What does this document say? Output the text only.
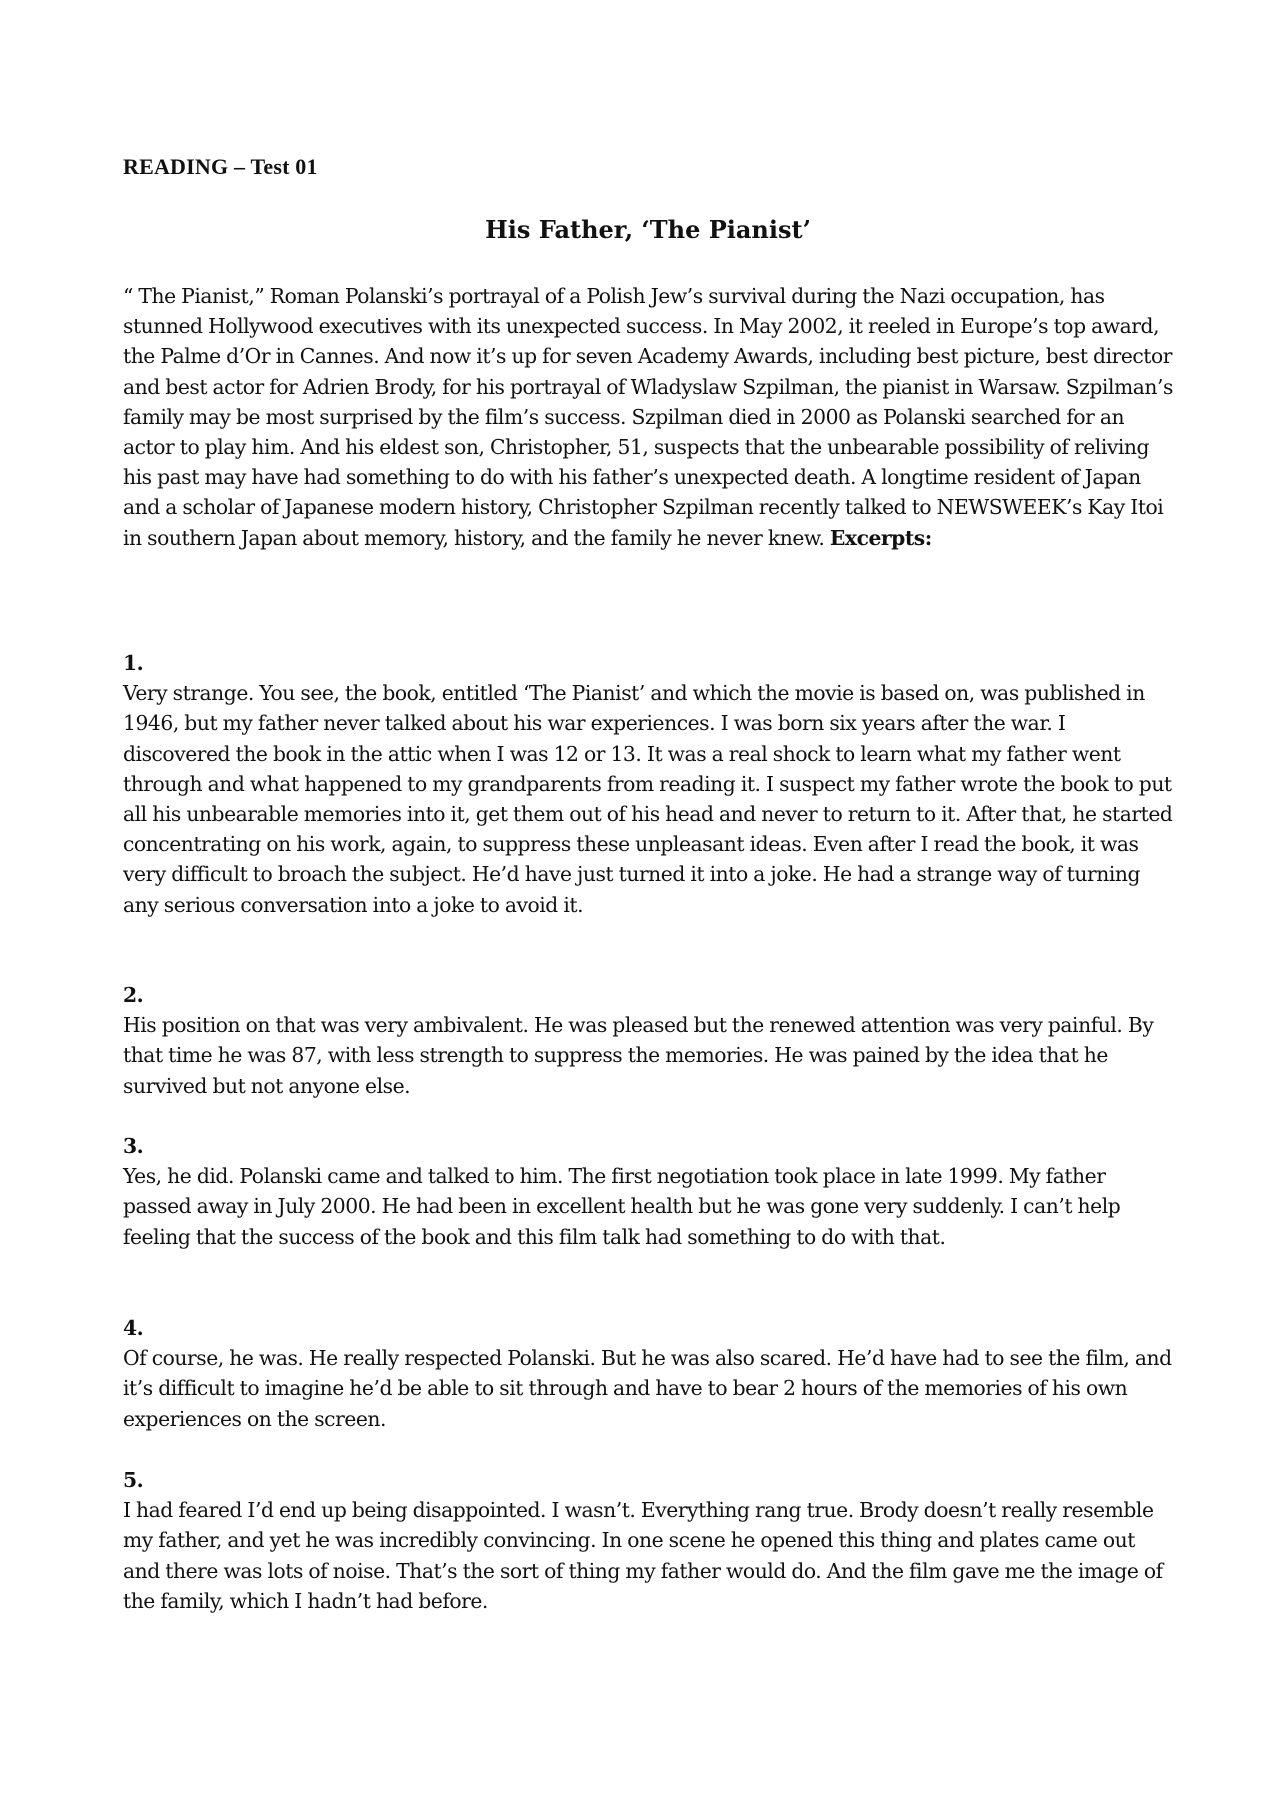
READING – Test 01

His Father, ‘The Pianist’

“ The Pianist,” Roman Polanski’s portrayal of a Polish Jew’s survival during the Nazi occupation, has stunned Hollywood executives with its unexpected success. In May 2002, it reeled in Europe’s top award, the Palme d’Or in Cannes. And now it’s up for seven Academy Awards, including best picture, best director and best actor for Adrien Brody, for his portrayal of Wladyslaw Szpilman, the pianist in Warsaw. Szpilman’s family may be most surprised by the film’s success. Szpilman died in 2000 as Polanski searched for an actor to play him. And his eldest son, Christopher, 51, suspects that the unbearable possibility of reliving his past may have had something to do with his father’s unexpected death. A longtime resident of Japan and a scholar of Japanese modern history, Christopher Szpilman recently talked to NEWSWEEK’s Kay Itoi in southern Japan about memory, history, and the family he never knew. Excerpts:

1.
Very strange. You see, the book, entitled ‘The Pianist’ and which the movie is based on, was published in 1946, but my father never talked about his war experiences. I was born six years after the war. I discovered the book in the attic when I was 12 or 13. It was a real shock to learn what my father went through and what happened to my grandparents from reading it. I suspect my father wrote the book to put all his unbearable memories into it, get them out of his head and never to return to it. After that, he started concentrating on his work, again, to suppress these unpleasant ideas. Even after I read the book, it was very difficult to broach the subject. He’d have just turned it into a joke. He had a strange way of turning any serious conversation into a joke to avoid it.
2.
His position on that was very ambivalent. He was pleased but the renewed attention was very painful. By that time he was 87, with less strength to suppress the memories. He was pained by the idea that he survived but not anyone else.
3.
Yes, he did. Polanski came and talked to him. The first negotiation took place in late 1999. My father passed away in July 2000. He had been in excellent health but he was gone very suddenly. I can’t help feeling that the success of the book and this film talk had something to do with that.
4.
Of course, he was. He really respected Polanski. But he was also scared. He’d have had to see the film, and it’s difficult to imagine he’d be able to sit through and have to bear 2 hours of the memories of his own experiences on the screen.
5.
I had feared I’d end up being disappointed. I wasn’t. Everything rang true. Brody doesn’t really resemble my father, and yet he was incredibly convincing. In one scene he opened this thing and plates came out and there was lots of noise. That’s the sort of thing my father would do. And the film gave me the image of the family, which I hadn’t had before.
